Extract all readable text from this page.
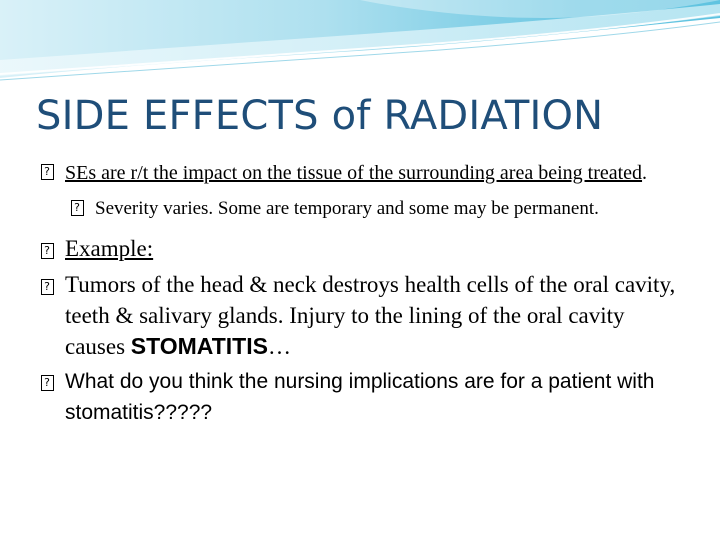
SIDE EFFECTS of RADIATION

?
SEs are r/t the impact on the tissue of the surrounding area being treated.

?
Severity varies. Some are temporary and some may be permanent.

?
Example:

?
Tumors of the head & neck destroys health cells of the oral cavity, teeth & salivary glands. Injury to the lining of the oral cavity causes STOMATITIS…

?
What do you think the nursing implications are for a patient with stomatitis?????
